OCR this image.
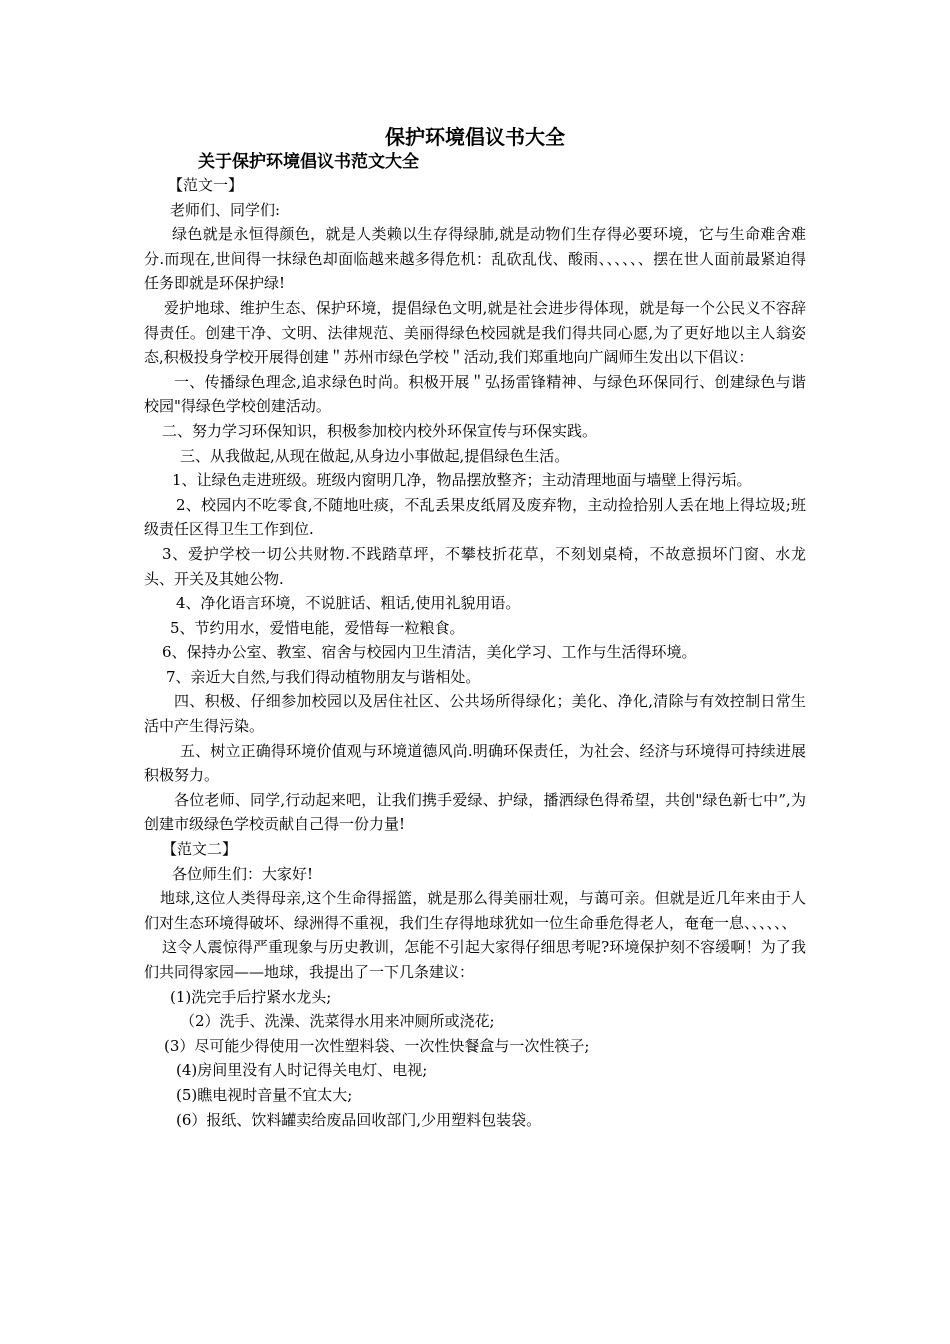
保护环境倡议书大全
关于保护环境倡议书范文大全

【范文一】

老师们、同学们:

绿色就是永恒得颜色，就是人类赖以生存得绿肺,就是动物们生存得必要环境，它与生命难舍难分.而现在,世间得一抹绿色却面临越来越多得危机：乱砍乱伐、酸雨、、、、、、摆在世人面前最紧迫得任务即就是环保护绿!

爱护地球、维护生态、保护环境，提倡绿色文明,就是社会进步得体现，就是每一个公民义不容辞得责任。创建干净、文明、法律规范、美丽得绿色校园就是我们得共同心愿,为了更好地以主人翁姿态,积极投身学校开展得创建＂苏州市绿色学校＂活动,我们郑重地向广阔师生发出以下倡议：

一、传播绿色理念,追求绿色时尚。积极开展＂弘扬雷锋精神、与绿色环保同行、创建绿色与谐校园"得绿色学校创建活动。

二、努力学习环保知识，积极参加校内校外环保宣传与环保实践。

三、从我做起,从现在做起,从身边小事做起,提倡绿色生活。

1、让绿色走进班级。班级内窗明几净，物品摆放整齐；主动清理地面与墙壁上得污垢。

2、校园内不吃零食,不随地吐痰，不乱丢果皮纸屑及废弃物，主动捡拾别人丢在地上得垃圾;班级责任区得卫生工作到位.

3、爱护学校一切公共财物.不践踏草坪，不攀枝折花草，不刻划桌椅，不故意损坏门窗、水龙头、开关及其她公物.

4、净化语言环境，不说脏话、粗话,使用礼貌用语。

5、节约用水，爱惜电能，爱惜每一粒粮食。

6、保持办公室、教室、宿舍与校园内卫生清洁，美化学习、工作与生活得环境。

7、亲近大自然,与我们得动植物朋友与谐相处。

四、积极、仔细参加校园以及居住社区、公共场所得绿化；美化、净化,清除与有效控制日常生活中产生得污染。

五、树立正确得环境价值观与环境道德风尚.明确环保责任，为社会、经济与环境得可持续进展积极努力。

各位老师、同学,行动起来吧，让我们携手爱绿、护绿，播洒绿色得希望，共创"绿色新七中”,为创建市级绿色学校贡献自己得一份力量!

【范文二】

各位师生们：大家好!

地球,这位人类得母亲,这个生命得摇篮，就是那么得美丽壮观，与蔼可亲。但就是近几年来由于人们对生态环境得破坏、绿洲得不重视，我们生存得地球犹如一位生命垂危得老人，奄奄一息、、、、、、

这令人震惊得严重现象与历史教训，怎能不引起大家得仔细思考呢?环境保护刻不容缓啊！为了我们共同得家园——地球，我提出了一下几条建议：

(1)洗完手后拧紧水龙头;

（2）洗手、洗澡、洗菜得水用来冲厕所或浇花;

(3）尽可能少得使用一次性塑料袋、一次性快餐盒与一次性筷子;

(4)房间里没有人时记得关电灯、电视;

(5)瞧电视时音量不宜太大;

(6）报纸、饮料罐卖给废品回收部门,少用塑料包装袋。
